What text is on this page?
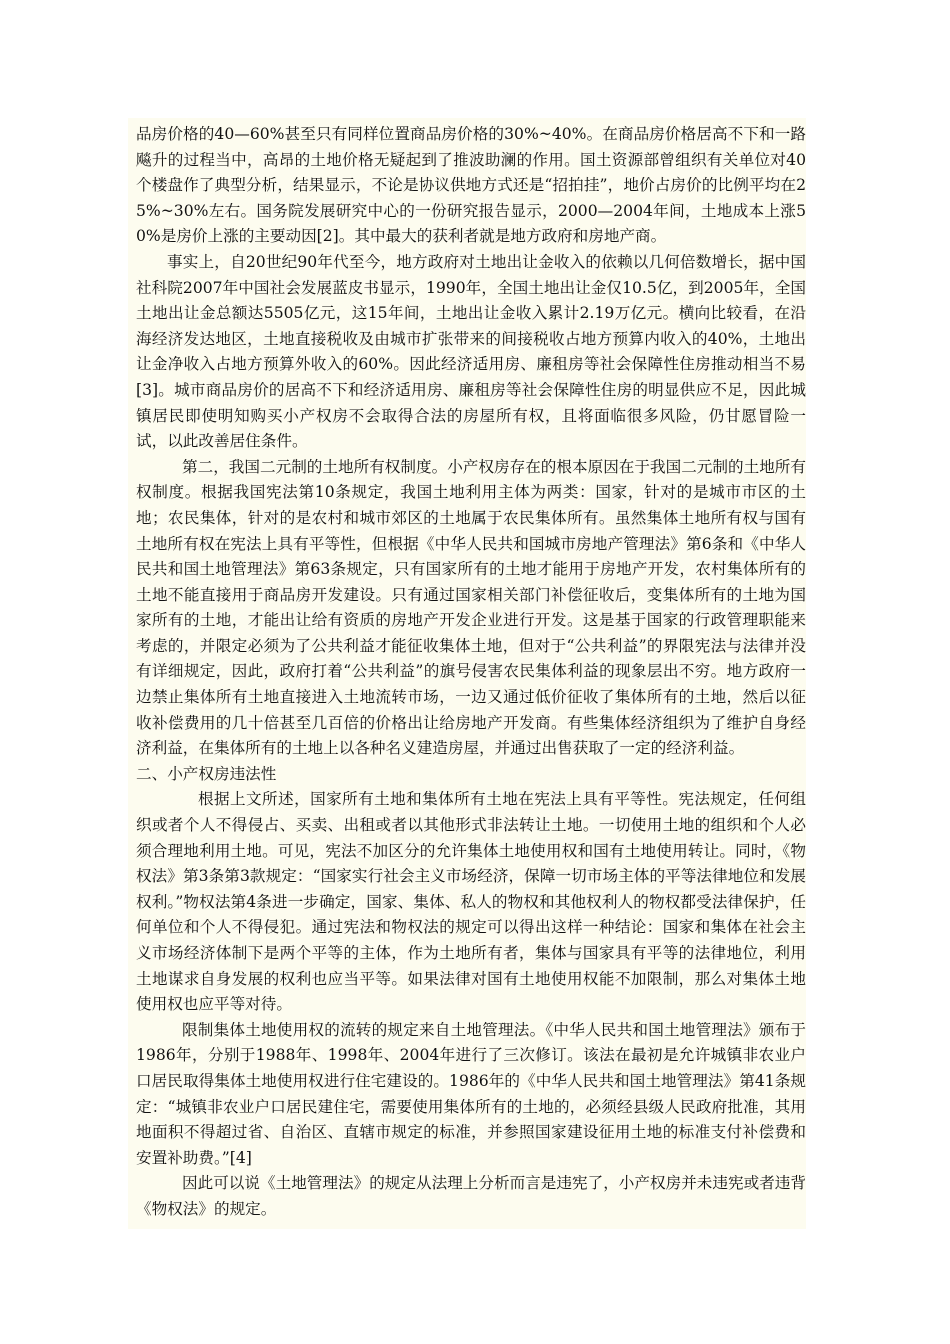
品房价格的40—60%甚至只有同样位置商品房价格的30%~40%。在商品房价格居高不下和一路飚升的过程当中，高昂的土地价格无疑起到了推波助澜的作用。国土资源部曾组织有关单位对40个楼盘作了典型分析，结果显示，不论是协议供地方式还是“招拍挂”，地价占房价的比例平均在25%~30%左右。国务院发展研究中心的一份研究报告显示，2000—2004年间，土地成本上涨50%是房价上涨的主要动因[2]。其中最大的获利者就是地方政府和房地产商。

事实上，自20世纪90年代至今，地方政府对土地出让金收入的依赖以几何倍数增长，据中国社科院2007年中国社会发展蓝皮书显示，1990年，全国土地出让金仅10.5亿，到2005年，全国土地出让金总额达5505亿元，这15年间，土地出让金收入累计2.19万亿元。横向比较看，在沿海经济发达地区，土地直接税收及由城市扩张带来的间接税收占地方预算内收入的40%，土地出让金净收入占地方预算外收入的60%。因此经济适用房、廉租房等社会保障性住房推动相当不易[3]。城市商品房价的居高不下和经济适用房、廉租房等社会保障性住房的明显供应不足，因此城镇居民即使明知购买小产权房不会取得合法的房屋所有权，且将面临很多风险，仍甘愿冒险一试，以此改善居住条件。

第二，我国二元制的土地所有权制度。小产权房存在的根本原因在于我国二元制的土地所有权制度。根据我国宪法第10条规定，我国土地利用主体为两类：国家，针对的是城市市区的土地；农民集体，针对的是农村和城市郊区的土地属于农民集体所有。虽然集体土地所有权与国有土地所有权在宪法上具有平等性，但根据《中华人民共和国城市房地产管理法》第6条和《中华人民共和国土地管理法》第63条规定，只有国家所有的土地才能用于房地产开发，农村集体所有的土地不能直接用于商品房开发建设。只有通过国家相关部门补偿征收后，变集体所有的土地为国家所有的土地，才能出让给有资质的房地产开发企业进行开发。这是基于国家的行政管理职能来考虑的，并限定必须为了公共利益才能征收集体土地，但对于“公共利益”的界限宪法与法律并没有详细规定，因此，政府打着“公共利益”的旗号侵害农民集体利益的现象层出不穷。地方政府一边禁止集体所有土地直接进入土地流转市场，一边又通过低价征收了集体所有的土地，然后以征收补偿费用的几十倍甚至几百倍的价格出让给房地产开发商。有些集体经济组织为了维护自身经济利益，在集体所有的土地上以各种名义建造房屋，并通过出售获取了一定的经济利益。

二、小产权房违法性

根据上文所述，国家所有土地和集体所有土地在宪法上具有平等性。宪法规定，任何组织或者个人不得侵占、买卖、出租或者以其他形式非法转让土地。一切使用土地的组织和个人必须合理地利用土地。可见，宪法不加区分的允许集体土地使用权和国有土地使用转让。同时，《物权法》第3条第3款规定：“国家实行社会主义市场经济，保障一切市场主体的平等法律地位和发展权利。”物权法第4条进一步确定，国家、集体、私人的物权和其他权利人的物权都受法律保护，任何单位和个人不得侵犯。通过宪法和物权法的规定可以得出这样一种结论：国家和集体在社会主义市场经济体制下是两个平等的主体，作为土地所有者，集体与国家具有平等的法律地位，利用土地谋求自身发展的权利也应当平等。如果法律对国有土地使用权能不加限制，那么对集体土地使用权也应平等对待。

限制集体土地使用权的流转的规定来自土地管理法。《中华人民共和国土地管理法》颁布于1986年，分别于1988年、1998年、2004年进行了三次修订。该法在最初是允许城镇非农业户口居民取得集体土地使用权进行住宅建设的。1986年的《中华人民共和国土地管理法》第41条规定：“城镇非农业户口居民建住宅，需要使用集体所有的土地的，必须经县级人民政府批准，其用地面积不得超过省、自治区、直辖市规定的标准，并参照国家建设征用土地的标准支付补偿费和安置补助费。”[4]

因此可以说《土地管理法》的规定从法理上分析而言是违宪了，小产权房并未违宪或者违背《物权法》的规定。
